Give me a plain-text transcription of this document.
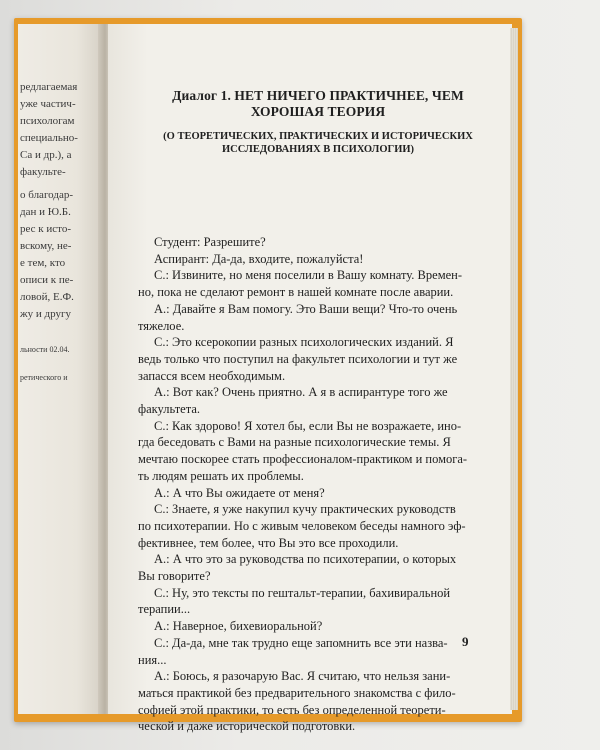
редлагаемая
уже частич-
психологам
специально-
Са и др.), а
факульте-
о благодар-
дан и Ю.Б.
рес к исто-
вскому, не-
е тем, кто
описи к пе-
ловой, Е.Ф.
жу и другу
льности 02.04.
ретического и
Диалог 1. НЕТ НИЧЕГО ПРАКТИЧНЕЕ, ЧЕМ
ХОРОШАЯ ТЕОРИЯ
(О ТЕОРЕТИЧЕСКИХ, ПРАКТИЧЕСКИХ И ИСТОРИЧЕСКИХ
ИССЛЕДОВАНИЯХ В ПСИХОЛОГИИ)
Студент: Разрешите?
Аспирант: Да-да, входите, пожалуйста!
С.: Извините, но меня поселили в Вашу комнату. Времен-
но, пока не сделают ремонт в нашей комнате после аварии.
А.: Давайте я Вам помогу. Это Ваши вещи? Что-то очень
тяжелое.
С.: Это ксерокопии разных психологических изданий. Я
ведь только что поступил на факультет психологии и тут же
запасся всем необходимым.
А.: Вот как? Очень приятно. А я в аспирантуре того же
факультета.
С.: Как здорово! Я хотел бы, если Вы не возражаете, ино-
гда беседовать с Вами на разные психологические темы. Я
мечтаю поскорее стать профессионалом-практиком и помога-
ть людям решать их проблемы.
А.: А что Вы ожидаете от меня?
С.: Знаете, я уже накупил кучу практических руководств
по психотерапии. Но с живым человеком беседы намного эф-
фективнее, тем более, что Вы это все проходили.
А.: А что это за руководства по психотерапии, о которых
Вы говорите?
С.: Ну, это тексты по гештальт-терапии, бахивиральной
терапии...
А.: Наверное, бихевиоральной?
С.: Да-да, мне так трудно еще запомнить все эти назва-
ния...
А.: Боюсь, я разочарую Вас. Я считаю, что нельзя зани-
маться практикой без предварительного знакомства с фило-
софией этой практики, то есть без определенной теорети-
ческой и даже исторической подготовки.
9
